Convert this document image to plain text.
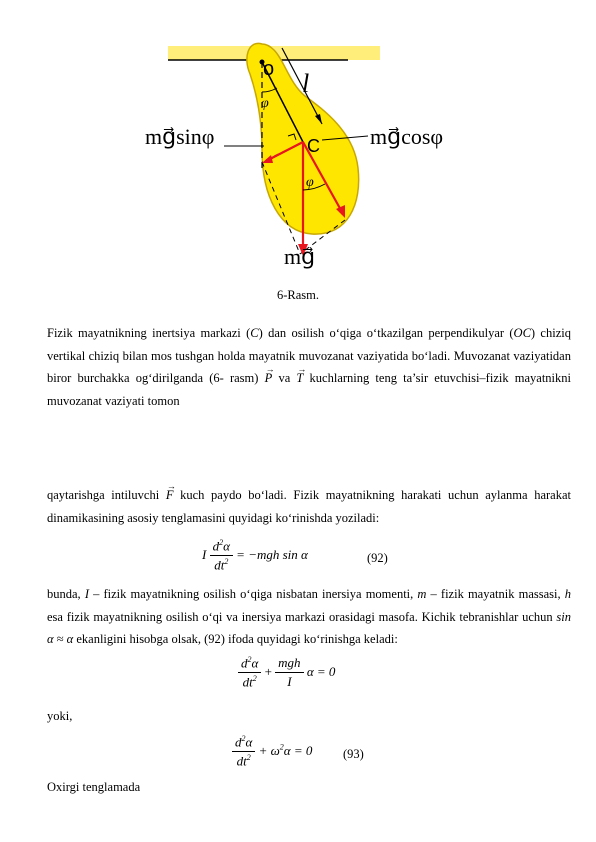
o l
φ
C
φ
mg⃗sinφ	mg⃗cosφ
mg⃗
6-Rasm.
Fizik mayatnikning inertsiya markazi (C) dan osilish o‘qiga o‘tkazilgan perpendikulyar (OC) chiziq vertikal chiziq bilan mos tushgan holda mayatnik muvozanat vaziyatida bo‘ladi. Muvozanat vaziyatidan biror burchakka og‘dirilganda (6- rasm) → P va → T kuchlarning teng ta’sir etuvchisi–fizik mayatnikni muvozanat vaziyati tomon
qaytarishga intiluvchi → F kuch paydo bo‘ladi. Fizik mayatnikning harakati uchun aylanma harakat dinamikasining asosiy tenglamasini quyidagi ko‘rinishda yoziladi:
I $\frac{d^2\alpha}{dt^2} = -mgh$ sin α	(92)
bunda, I – fizik mayatnikning osilish o‘qiga nisbatan inersiya momenti, m – fizik mayatnik massasi, h esa fizik mayatnikning osilish o‘qi va inersiya markazi orasidagi masofa. Kichik tebranishlar uchun sin α ≈ α ekanligini hisobga olsak, (92) ifoda quyidagi ko‘rinishga keladi:
$\frac{d^2\alpha}{dt^2} + \frac{\text{mgh}}{I}$ α = 0
yoki,
$\frac{d^2\alpha}{dt^2} + \omega^2\alpha = 0$ (93)
Oxirgi tenglamada
